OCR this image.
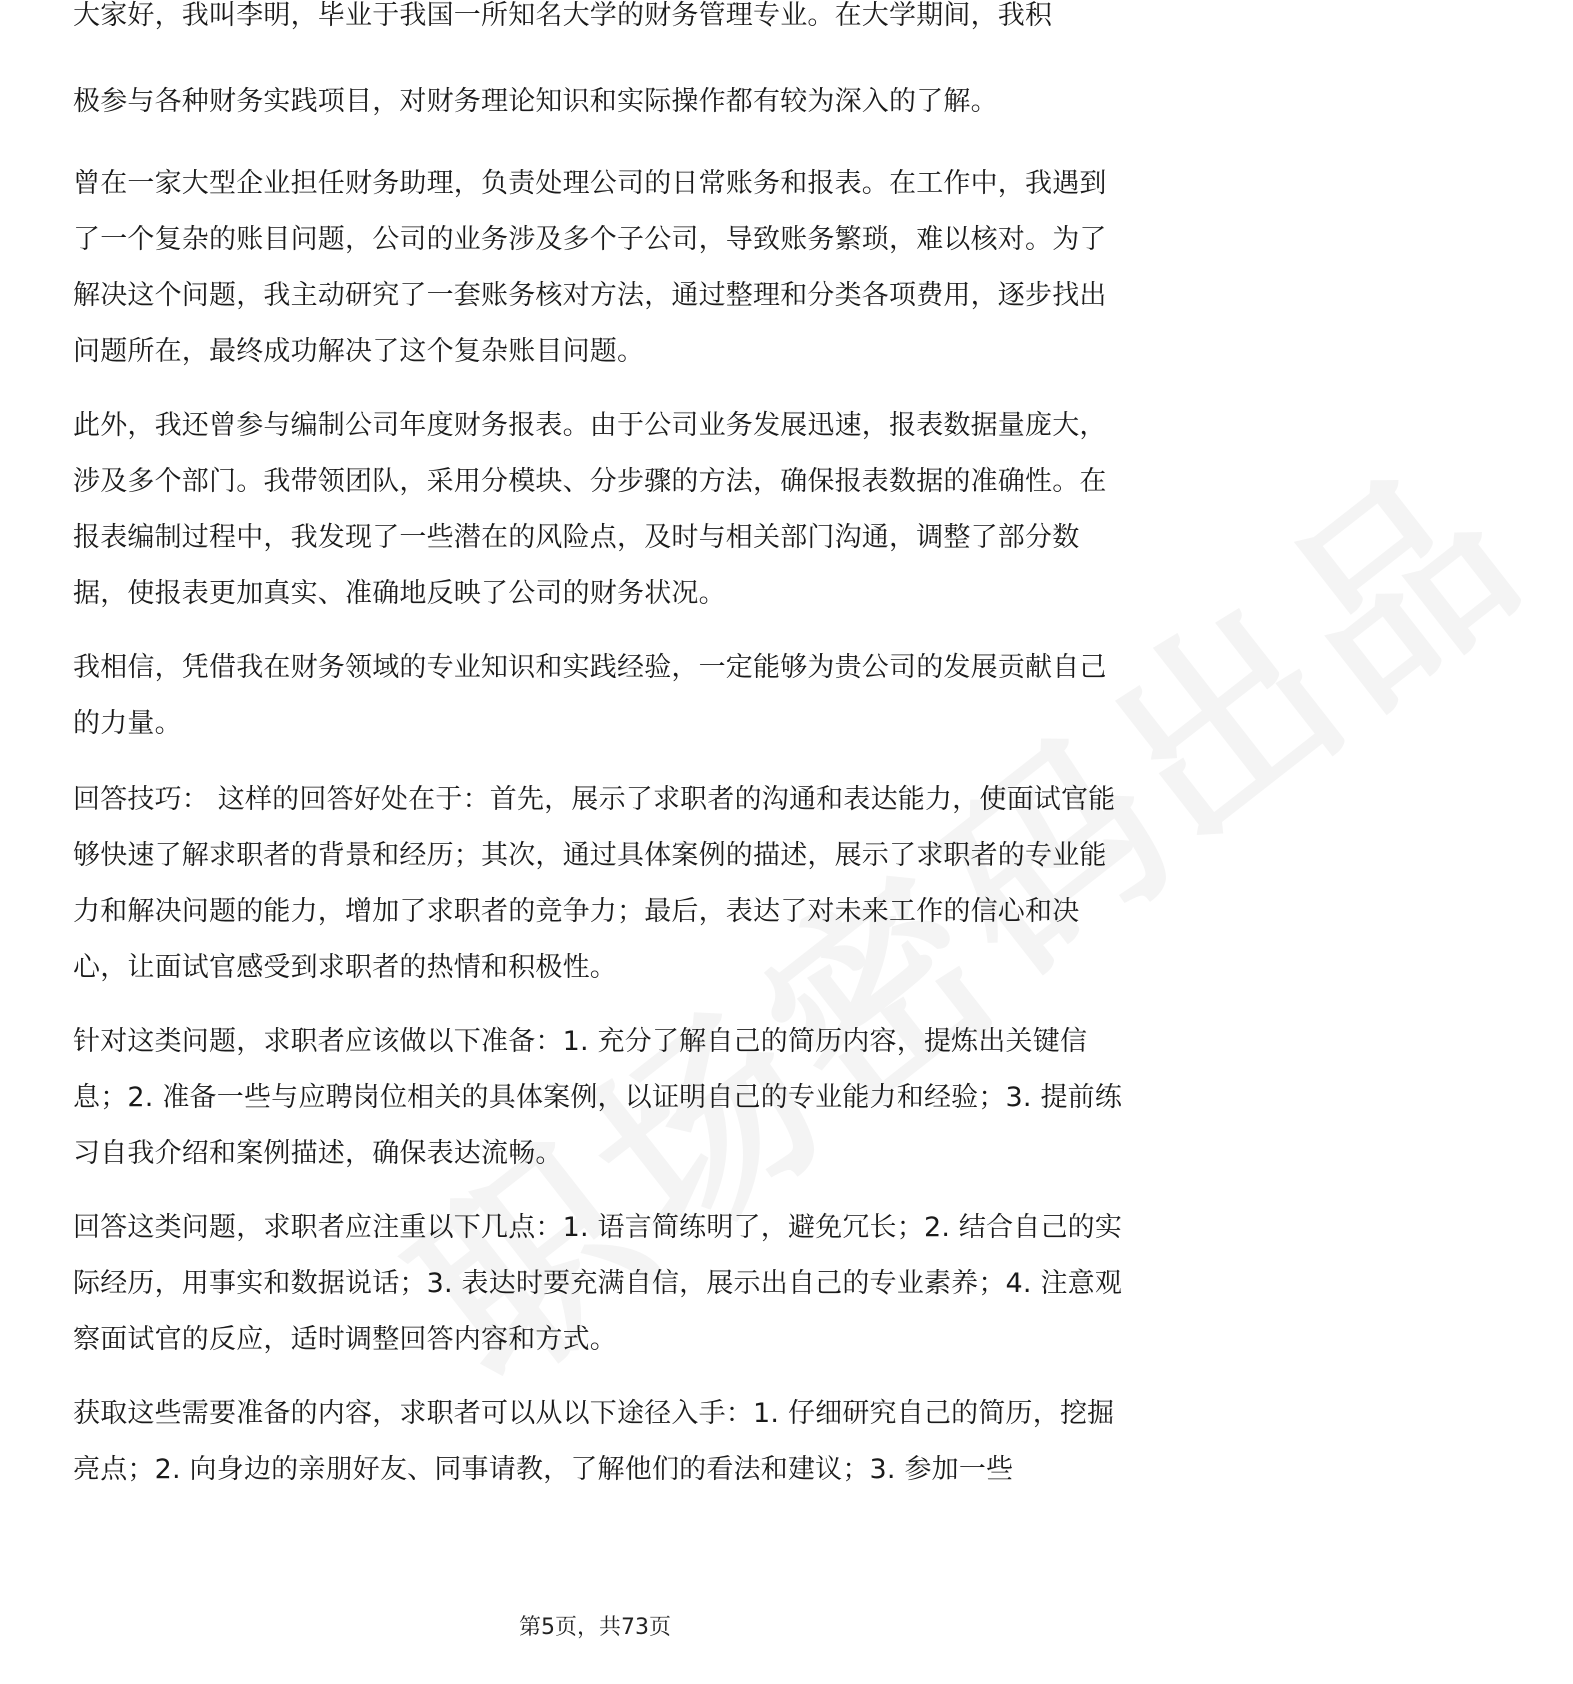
大家好，我叫李明，毕业于我国一所知名大学的财务管理专业。在大学期间，我积

极参与各种财务实践项目，对财务理论知识和实际操作都有较为深入的了解。

曾在一家大型企业担任财务助理，负责处理公司的日常账务和报表。在工作中，我遇到了一个复杂的账目问题，公司的业务涉及多个子公司，导致账务繁琐，难以核对。为了解决这个问题，我主动研究了一套账务核对方法，通过整理和分类各项费用，逐步找出问题所在，最终成功解决了这个复杂账目问题。

此外，我还曾参与编制公司年度财务报表。由于公司业务发展迅速，报表数据量庞大，涉及多个部门。我带领团队，采用分模块、分步骤的方法，确保报表数据的准确性。在报表编制过程中，我发现了一些潜在的风险点，及时与相关部门沟通，调整了部分数据，使报表更加真实、准确地反映了公司的财务状况。

我相信，凭借我在财务领域的专业知识和实践经验，一定能够为贵公司的发展贡献自己的力量。

回答技巧： 这样的回答好处在于：首先，展示了求职者的沟通和表达能力，使面试官能够快速了解求职者的背景和经历；其次，通过具体案例的描述，展示了求职者的专业能力和解决问题的能力，增加了求职者的竞争力；最后，表达了对未来工作的信心和决心，让面试官感受到求职者的热情和积极性。

针对这类问题，求职者应该做以下准备：1. 充分了解自己的简历内容，提炼出关键信息；2. 准备一些与应聘岗位相关的具体案例，以证明自己的专业能力和经验；3. 提前练习自我介绍和案例描述，确保表达流畅。

回答这类问题，求职者应注重以下几点：1. 语言简练明了，避免冗长；2. 结合自己的实际经历，用事实和数据说话；3. 表达时要充满自信，展示出自己的专业素养；4. 注意观察面试官的反应，适时调整回答内容和方式。

获取这些需要准备的内容，求职者可以从以下途径入手：1. 仔细研究自己的简历，挖掘亮点；2. 向身边的亲朋好友、同事请教，了解他们的看法和建议；3. 参加一些

第5页，共73页
